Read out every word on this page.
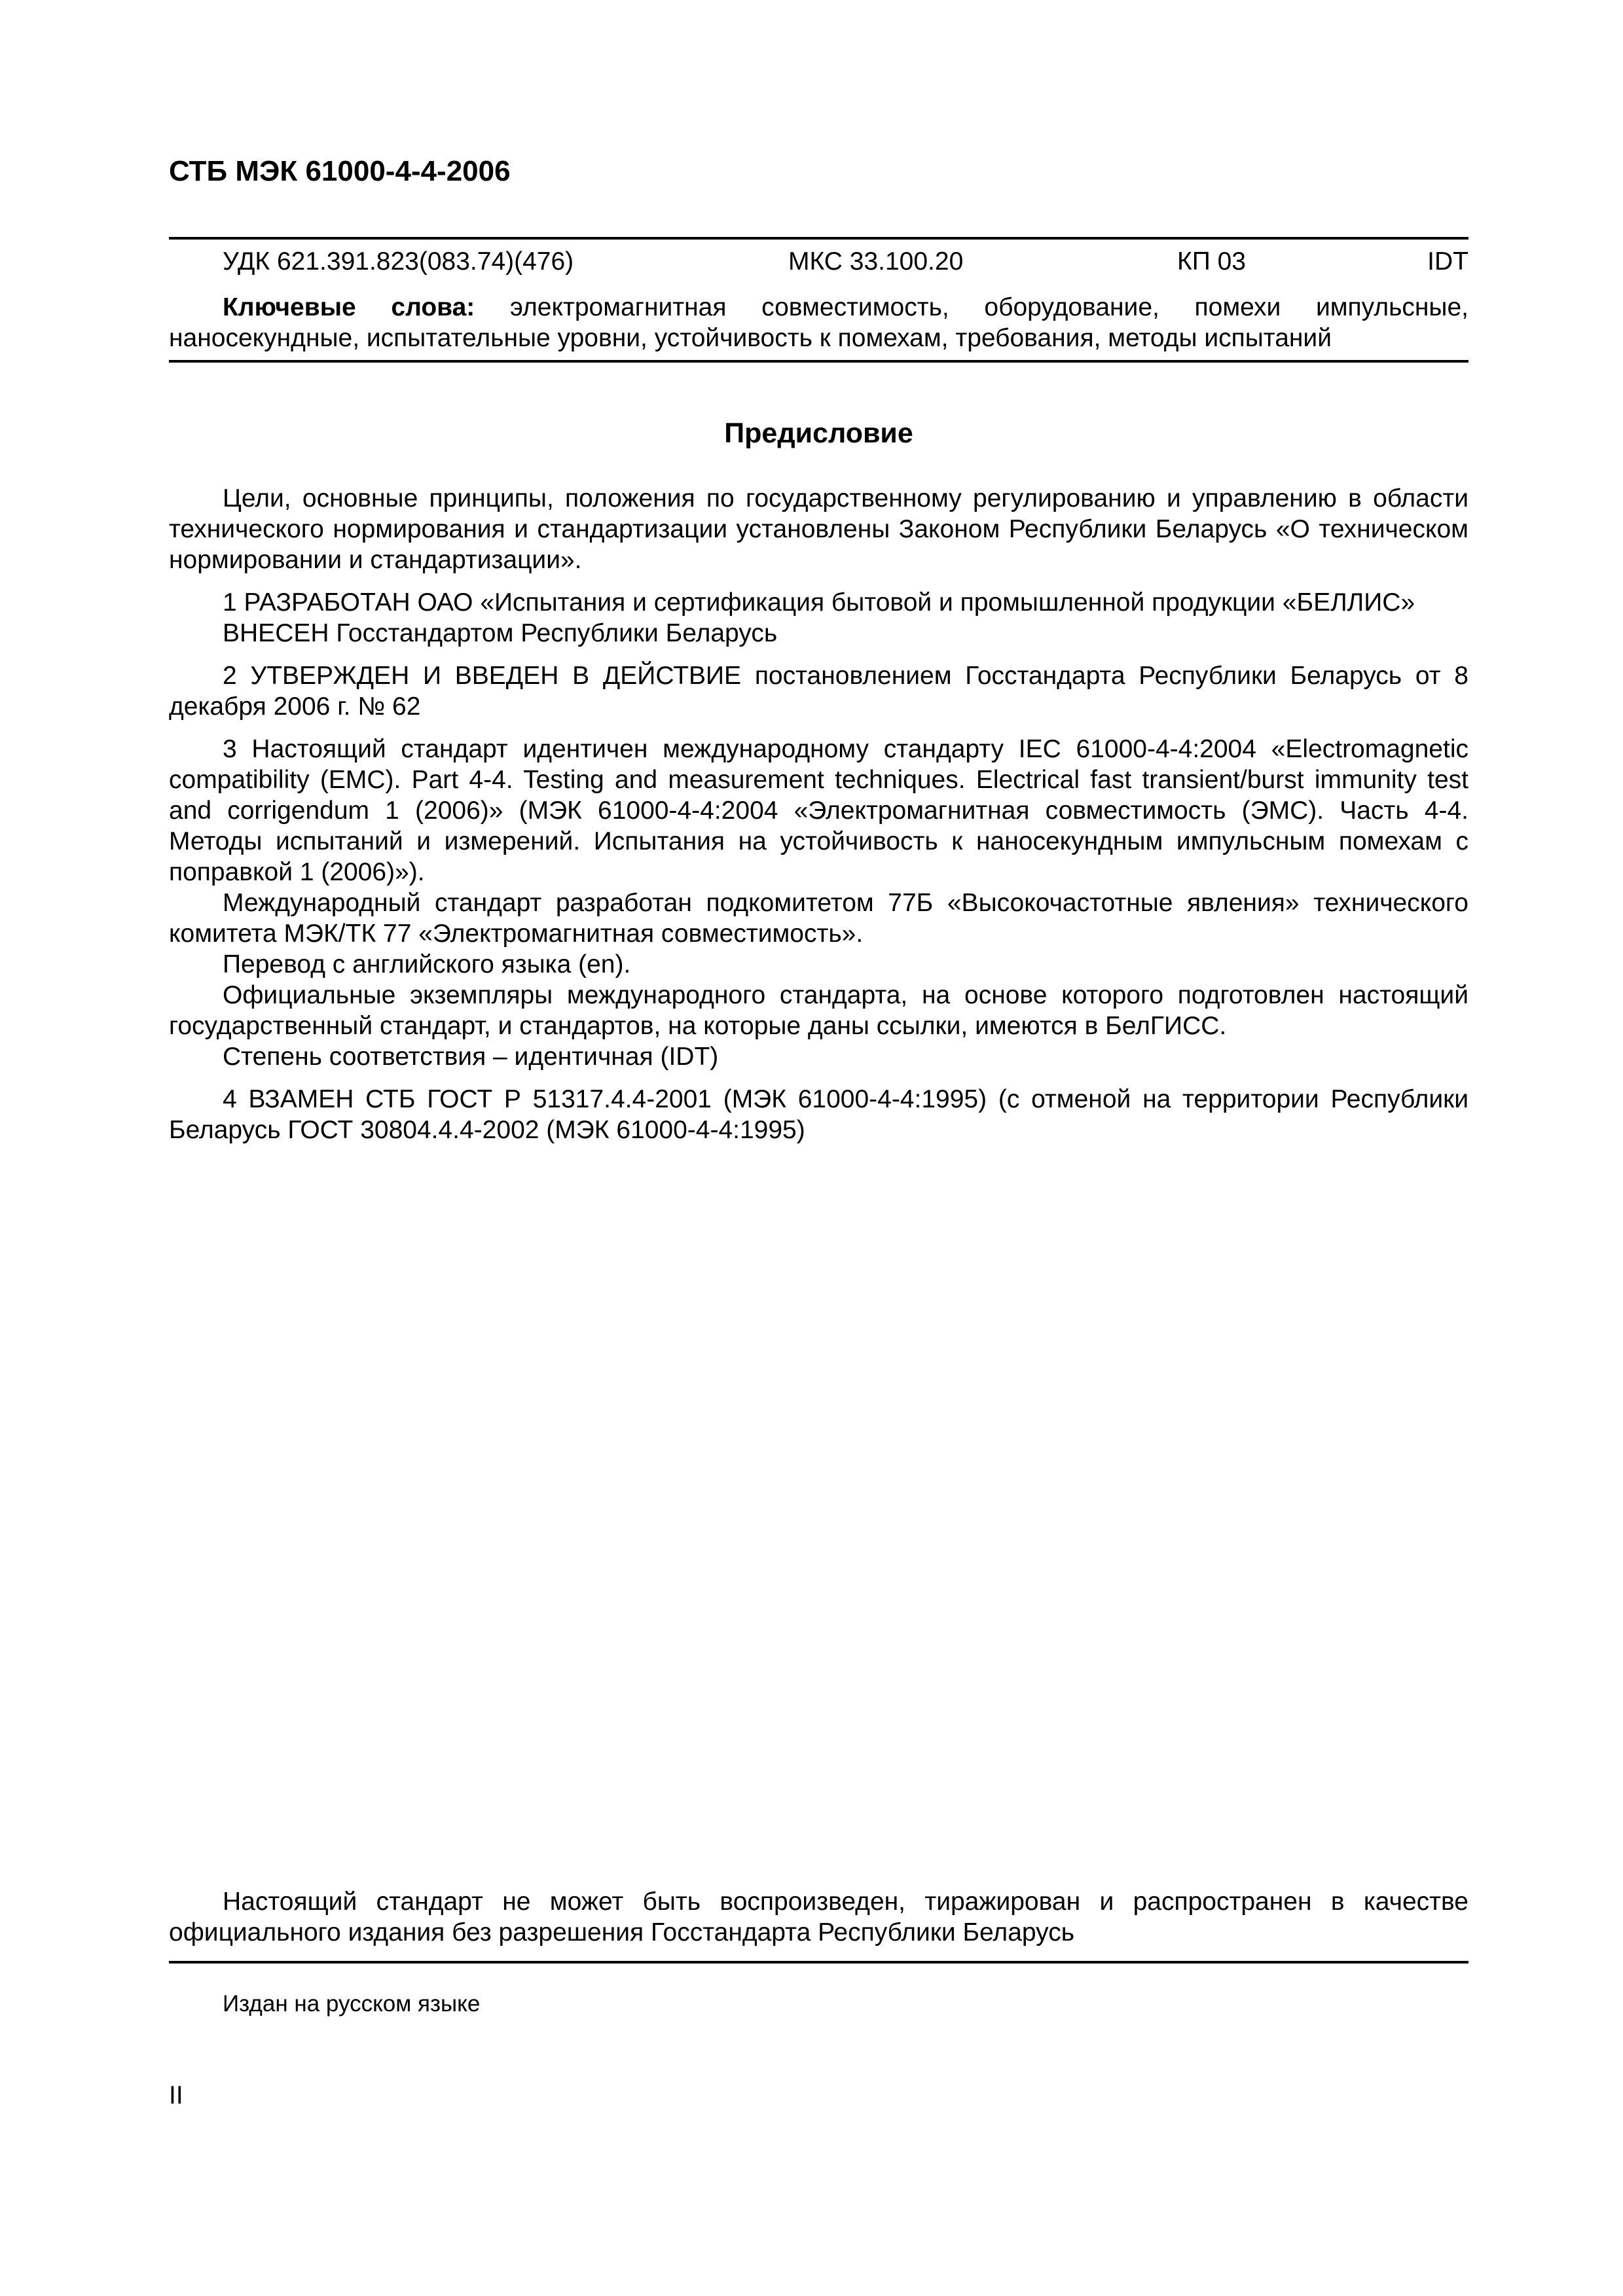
СТБ МЭК 61000-4-4-2006
УДК 621.391.823(083.74)(476)	МКС 33.100.20	КП 03	IDT

Ключевые слова: электромагнитная совместимость, оборудование, помехи импульсные, наносекундные, испытательные уровни, устойчивость к помехам, требования, методы испытаний

Предисловие

Цели, основные принципы, положения по государственному регулированию и управлению в области технического нормирования и стандартизации установлены Законом Республики Беларусь «О техническом нормировании и стандартизации».

1 РАЗРАБОТАН ОАО «Испытания и сертификация бытовой и промышленной продукции «БЕЛЛИС»

ВНЕСЕН Госстандартом Республики Беларусь

2 УТВЕРЖДЕН И ВВЕДЕН В ДЕЙСТВИЕ постановлением Госстандарта Республики Беларусь от 8 декабря 2006 г. № 62

3 Настоящий стандарт идентичен международному стандарту IEC 61000-4-4:2004 «Electromagnetic compatibility (EMC). Part 4-4. Testing and measurement techniques. Electrical fast transient/burst immunity test and corrigendum 1 (2006)» (МЭК 61000-4-4:2004 «Электромагнитная совместимость (ЭМС). Часть 4-4. Методы испытаний и измерений. Испытания на устойчивость к наносекундным импульсным помехам с поправкой 1 (2006)»).

Международный стандарт разработан подкомитетом 77Б «Высокочастотные явления» технического комитета МЭК/ТК 77 «Электромагнитная совместимость».

Перевод с английского языка (en).

Официальные экземпляры международного стандарта, на основе которого подготовлен настоящий государственный стандарт, и стандартов, на которые даны ссылки, имеются в БелГИСС.

Степень соответствия – идентичная (IDT)

4 ВЗАМЕН СТБ ГОСТ Р 51317.4.4-2001 (МЭК 61000-4-4:1995) (с отменой на территории Республики Беларусь ГОСТ 30804.4.4-2002 (МЭК 61000-4-4:1995)

Настоящий стандарт не может быть воспроизведен, тиражирован и распространен в качестве официального издания без разрешения Госстандарта Республики Беларусь

Издан на русском языке
II
